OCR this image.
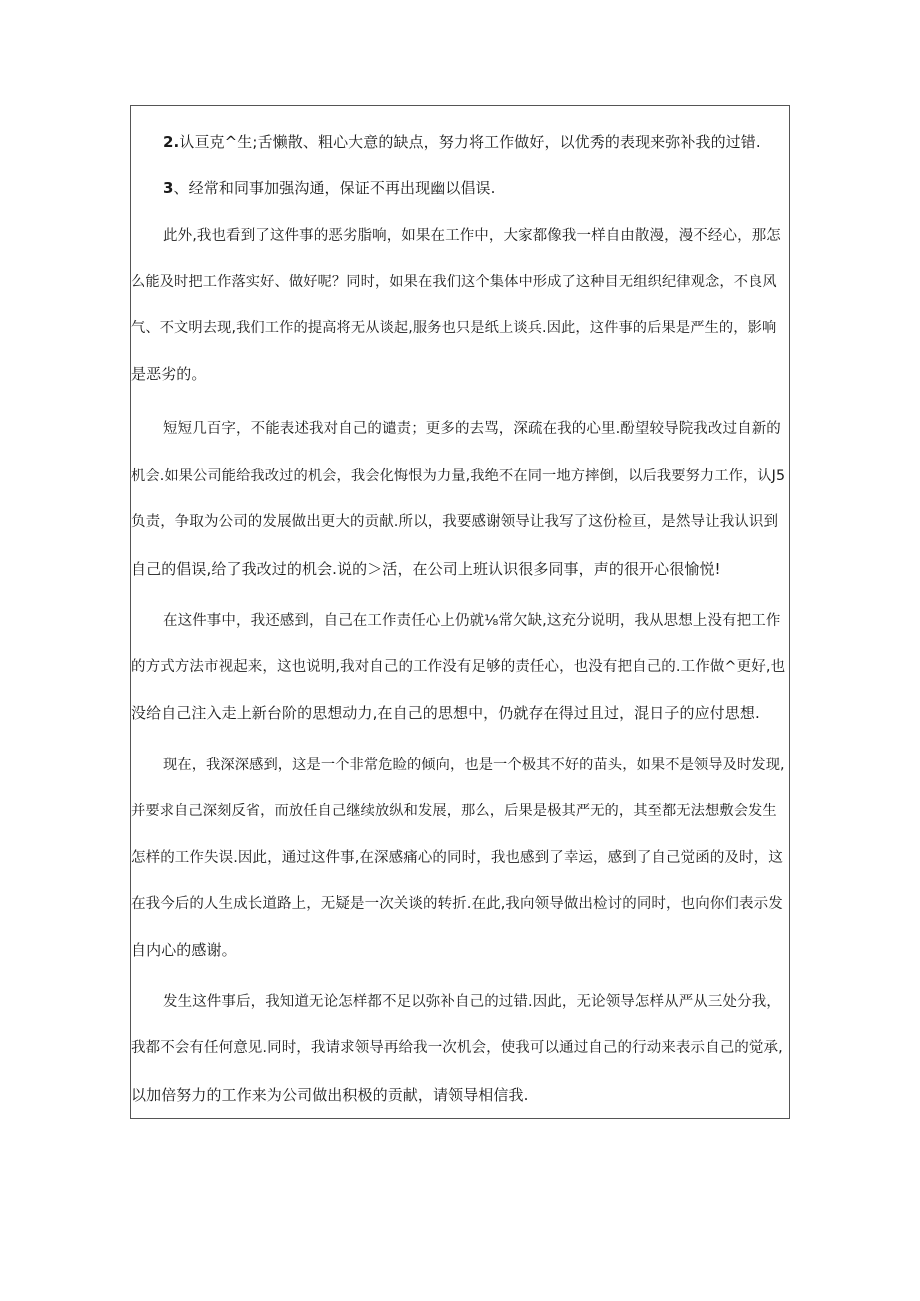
2.认亘克^生;舌懒散、粗心大意的缺点，努力将工作做好，以优秀的表现来弥补我的过错.
3、经常和同事加强沟通，保证不再出现幽以倡误.
此外,我也看到了这件事的恶劣脂响，如果在工作中，大家都像我一样自由散漫，漫不经心，那怎
么能及时把工作落实好、做好呢？同时，如果在我们这个集体中形成了这种目无组织纪律观念，不良风
气、不文明去现,我们工作的提高将无从谈起,服务也只是纸上谈兵.因此，这件事的后果是严生的，影响
是恶劣的。
短短几百字，不能表述我对自己的谴责；更多的去骂，深疏在我的心里.酚望较导院我改过自新的
机会.如果公司能给我改过的机会，我会化悔恨为力量,我绝不在同一地方摔倒，以后我要努力工作，认J5
负责，争取为公司的发展做出更大的贡献.所以，我要感谢领导让我写了这份检亘，是然导让我认识到
自己的倡误,给了我改过的机会.说的＞活，在公司上班认识很多同事，声的很开心很愉悦!
在这件事中，我还感到，自己在工作责任心上仍就⅛常欠缺,这充分说明，我从思想上没有把工作
的方式方法市视起来，这也说明,我对自己的工作没有足够的责任心，也没有把自己的.工作做^更好,也
没给自己注入走上新台阶的思想动力,在自己的思想中，仍就存在得过且过，混日子的应付思想.
现在，我深深感到，这是一个非常危睑的倾向，也是一个极其不好的苗头，如果不是领导及时发现,
并要求自己深刻反省，而放任自己继续放纵和发展，那么，后果是极其严无的，其至都无法想敷会发生
怎样的工作失误.因此，通过这件事,在深感痛心的同时，我也感到了幸运，感到了自己觉函的及时，这
在我今后的人生成长道路上，无疑是一次关谈的转折.在此,我向领导做出检讨的同时，也向你们表示发
自内心的感谢。
发生这件事后，我知道无论怎样都不足以弥补自己的过错.因此，无论领导怎样从严从三处分我，
我都不会有任何意见.同时，我请求领导再给我一次机会，使我可以通过自己的行动来表示自己的觉承,
以加倍努力的工作来为公司做出积极的贡献，请领导相信我.
